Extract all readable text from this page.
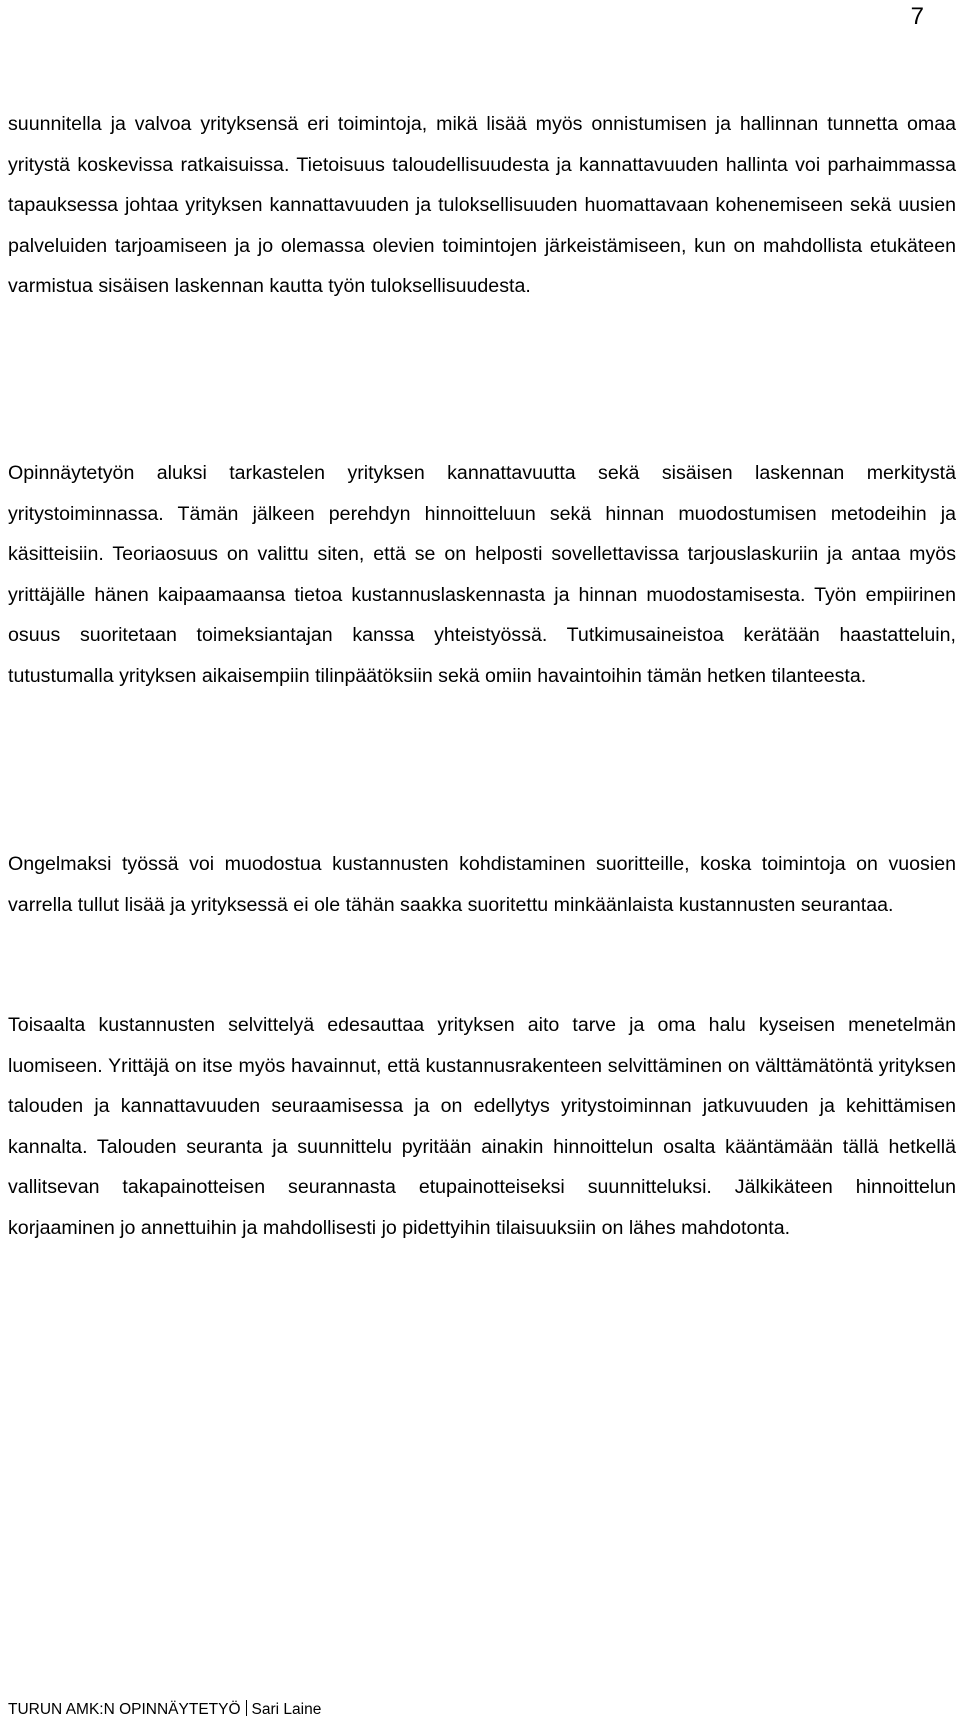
7

suunnitella ja valvoa yrityksensä eri toimintoja, mikä lisää myös onnistumisen ja hallinnan tunnetta omaa yritystä koskevissa ratkaisuissa. Tietoisuus taloudellisuudesta ja kannattavuuden hallinta voi parhaimmassa tapauksessa johtaa yrityksen kannattavuuden ja tuloksellisuuden huomattavaan kohenemiseen sekä uusien palveluiden tarjoamiseen ja jo olemassa olevien toimintojen järkeistämiseen, kun on mahdollista etukäteen varmistua sisäisen laskennan kautta työn tuloksellisuudesta.

Opinnäytetyön aluksi tarkastelen yrityksen kannattavuutta sekä sisäisen laskennan merkitystä yritystoiminnassa. Tämän jälkeen perehdyn hinnoitteluun sekä hinnan muodostumisen metodeihin ja käsitteisiin. Teoriaosuus on valittu siten, että se on helposti sovellettavissa tarjouslaskuriin ja antaa myös yrittäjälle hänen kaipaamaansa tietoa kustannuslaskennasta ja hinnan muodostamisesta. Työn empiirinen osuus suoritetaan toimeksiantajan kanssa yhteistyössä. Tutkimusaineistoa kerätään haastatteluin, tutustumalla yrityksen aikaisempiin tilinpäätöksiin sekä omiin havaintoihin tämän hetken tilanteesta.

Ongelmaksi työssä voi muodostua kustannusten kohdistaminen suoritteille, koska toimintoja on vuosien varrella tullut lisää ja yrityksessä ei ole tähän saakka suoritettu minkäänlaista kustannusten seurantaa.

Toisaalta kustannusten selvittelyä edesauttaa yrityksen aito tarve ja oma halu kyseisen menetelmän luomiseen. Yrittäjä on itse myös havainnut, että kustannusrakenteen selvittäminen on välttämätöntä yrityksen talouden ja kannattavuuden seuraamisessa ja on edellytys yritystoiminnan jatkuvuuden ja kehittämisen kannalta. Talouden seuranta ja suunnittelu pyritään ainakin hinnoittelun osalta kääntämään tällä hetkellä vallitsevan takapainotteisen seurannasta etupainotteiseksi suunnitteluksi. Jälkikäteen hinnoittelun korjaaminen jo annettuihin ja mahdollisesti jo pidettyihin tilaisuuksiin on lähes mahdotonta.

TURUN AMK:N OPINNÄYTETYÖ Sari Laine
